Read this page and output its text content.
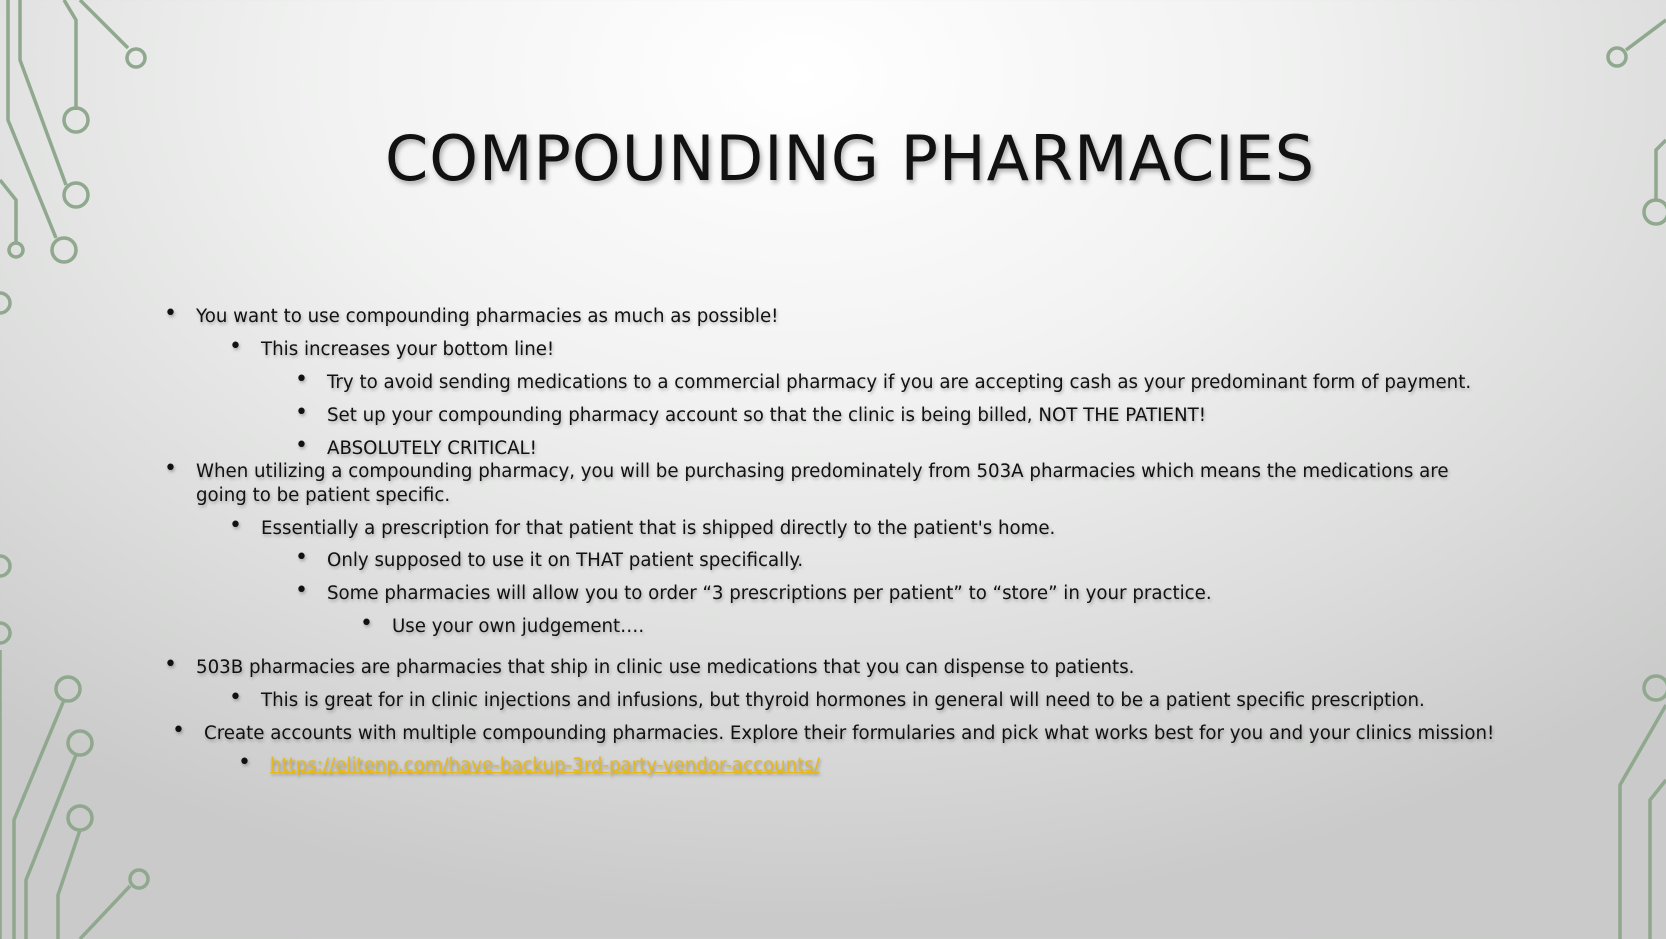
COMPOUNDING PHARMACIES
• You want to use compounding pharmacies as much as possible!
• This increases your bottom line!
• Try to avoid sending medications to a commercial pharmacy if you are accepting cash as your predominant form of payment.
• Set up your compounding pharmacy account so that the clinic is being billed, NOT THE PATIENT!
• ABSOLUTELY CRITICAL!
• When utilizing a compounding pharmacy, you will be purchasing predominately from 503A pharmacies which means the medications are going to be patient specific.
• Essentially a prescription for that patient that is shipped directly to the patient's home.
• Only supposed to use it on THAT patient specifically.
• Some pharmacies will allow you to order “3 prescriptions per patient” to “store” in your practice.
• Use your own judgement….
• 503B pharmacies are pharmacies that ship in clinic use medications that you can dispense to patients.
• This is great for in clinic injections and infusions, but thyroid hormones in general will need to be a patient specific prescription.
• Create accounts with multiple compounding pharmacies. Explore their formularies and pick what works best for you and your clinics mission!
• https://elitenp.com/have-backup-3rd-party-vendor-accounts/
